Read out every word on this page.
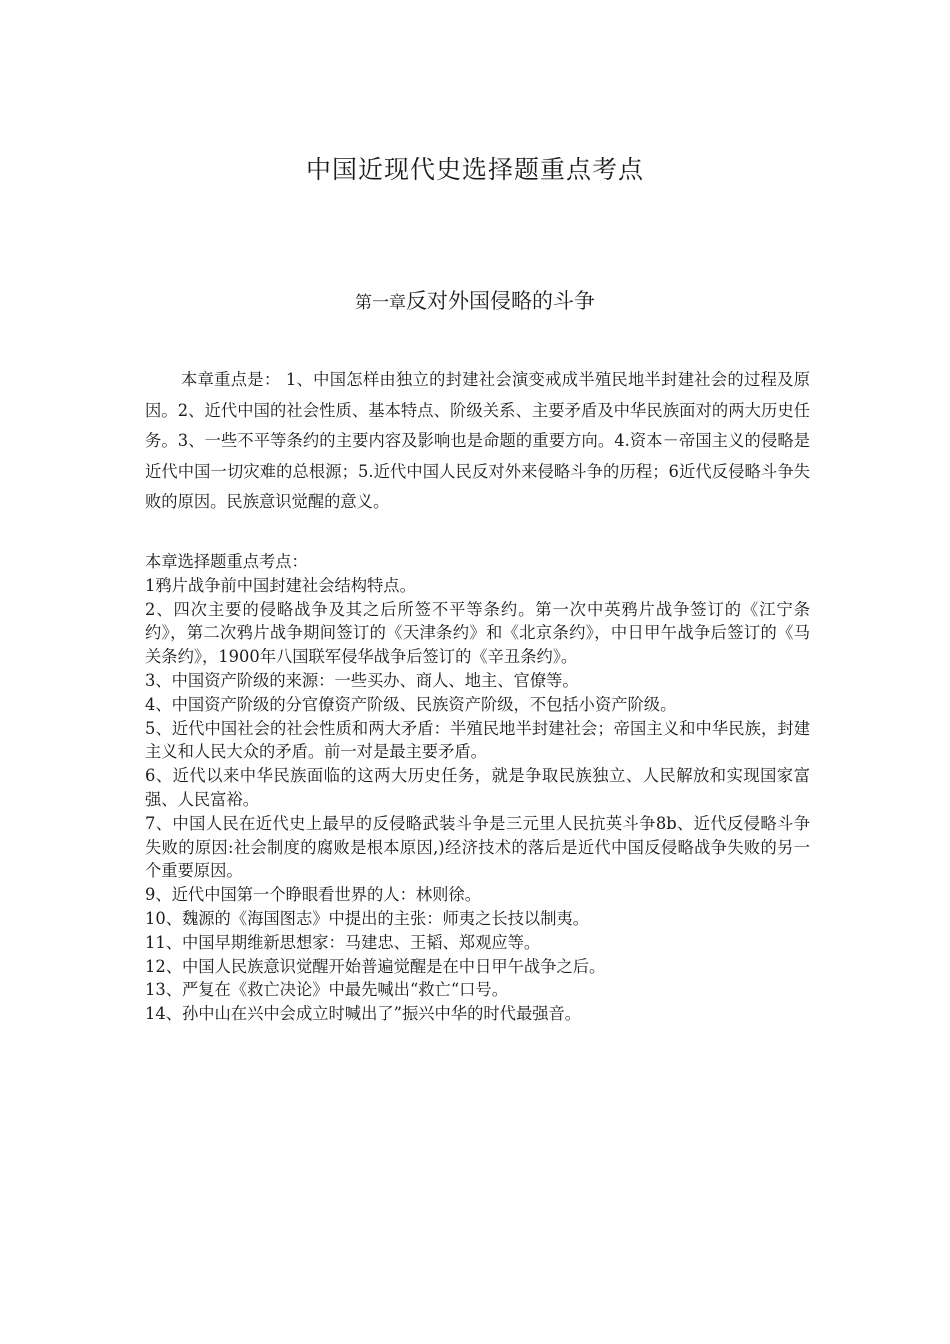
中国近现代史选择题重点考点
第一章反对外国侵略的斗争

本章重点是： 1、中国怎样由独立的封建社会演变戒成半殖民地半封建社会的过程及原因。2、近代中国的社会性质、基本特点、阶级关系、主要矛盾及中华民族面对的两大历史任务。3、一些不平等条约的主要内容及影响也是命题的重要方向。4.资本－帝国主义的侵略是近代中国一切灾难的总根源；5.近代中国人民反对外来侵略斗争的历程；6近代反侵略斗争失败的原因。民族意识觉醒的意义。

本章选择题重点考点：

1鸦片战争前中国封建社会结构特点。

2、四次主要的侵略战争及其之后所签不平等条约。第一次中英鸦片战争签订的《江宁条约》，第二次鸦片战争期间签订的《天津条约》和《北京条约》，中日甲午战争后签订的《马关条约》，1900年八国联军侵华战争后签订的《辛丑条约》。

3、中国资产阶级的来源：一些买办、商人、地主、官僚等。

4、中国资产阶级的分官僚资产阶级、民族资产阶级，不包括小资产阶级。

5、近代中国社会的社会性质和两大矛盾：半殖民地半封建社会；帝国主义和中华民族，封建主义和人民大众的矛盾。前一对是最主要矛盾。

6、近代以来中华民族面临的这两大历史任务，就是争取民族独立、人民解放和实现国家富强、人民富裕。

7、中国人民在近代史上最早的反侵略武装斗争是三元里人民抗英斗争8b、近代反侵略斗争失败的原因:社会制度的腐败是根本原因,)经济技术的落后是近代中国反侵略战争失败的另一个重要原因。

9、近代中国第一个睁眼看世界的人：林则徐。

10、魏源的《海国图志》中提出的主张：师夷之长技以制夷。

11、中国早期维新思想家：马建忠、王韬、郑观应等。

12、中国人民族意识觉醒开始普遍觉醒是在中日甲午战争之后。

13、严复在《救亡决论》中最先喊出“救亡“口号。

14、孙中山在兴中会成立时喊出了”振兴中华的时代最强音。
